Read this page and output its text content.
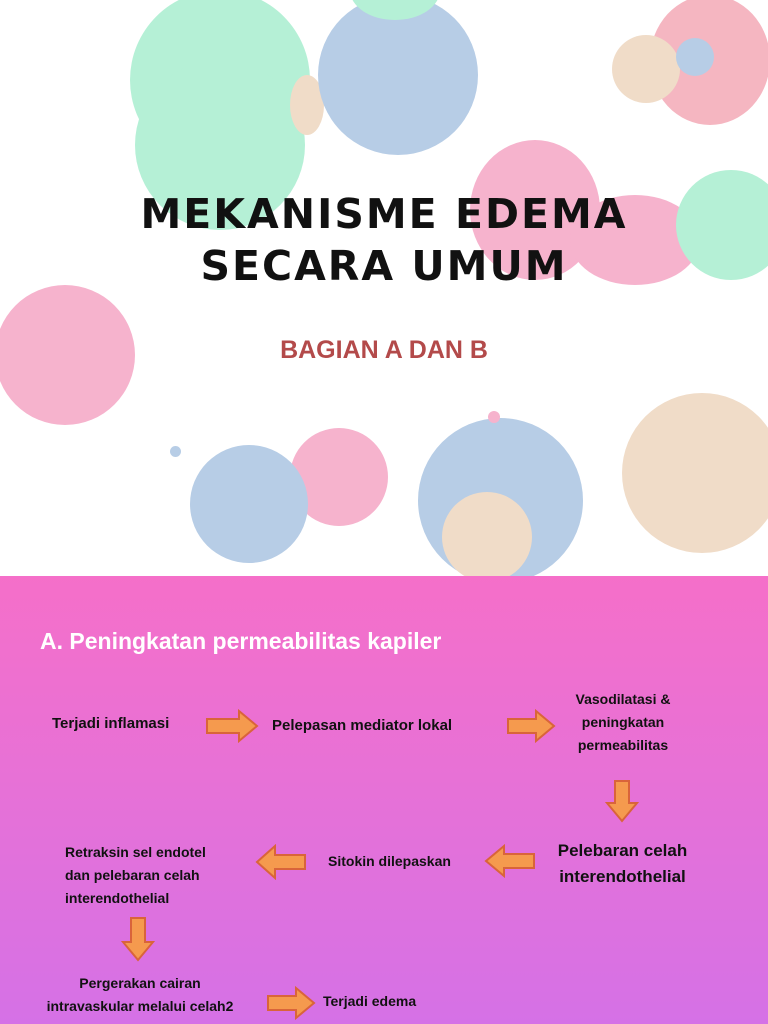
MEKANISME EDEMA
SECARA UMUM
BAGIAN A DAN B
A. Peningkatan permeabilitas kapiler
Terjadi inflamasi	Pelepasan mediator lokal
Vasodilatasi &
peningkatan
permeabilitas
Pelebaran celah
interendothelial
Sitokin dilepaskan
Retraksin sel endotel
dan pelebaran celah
interendothelial
Pergerakan cairan
intravaskular melalui celah2	Terjadi edema
